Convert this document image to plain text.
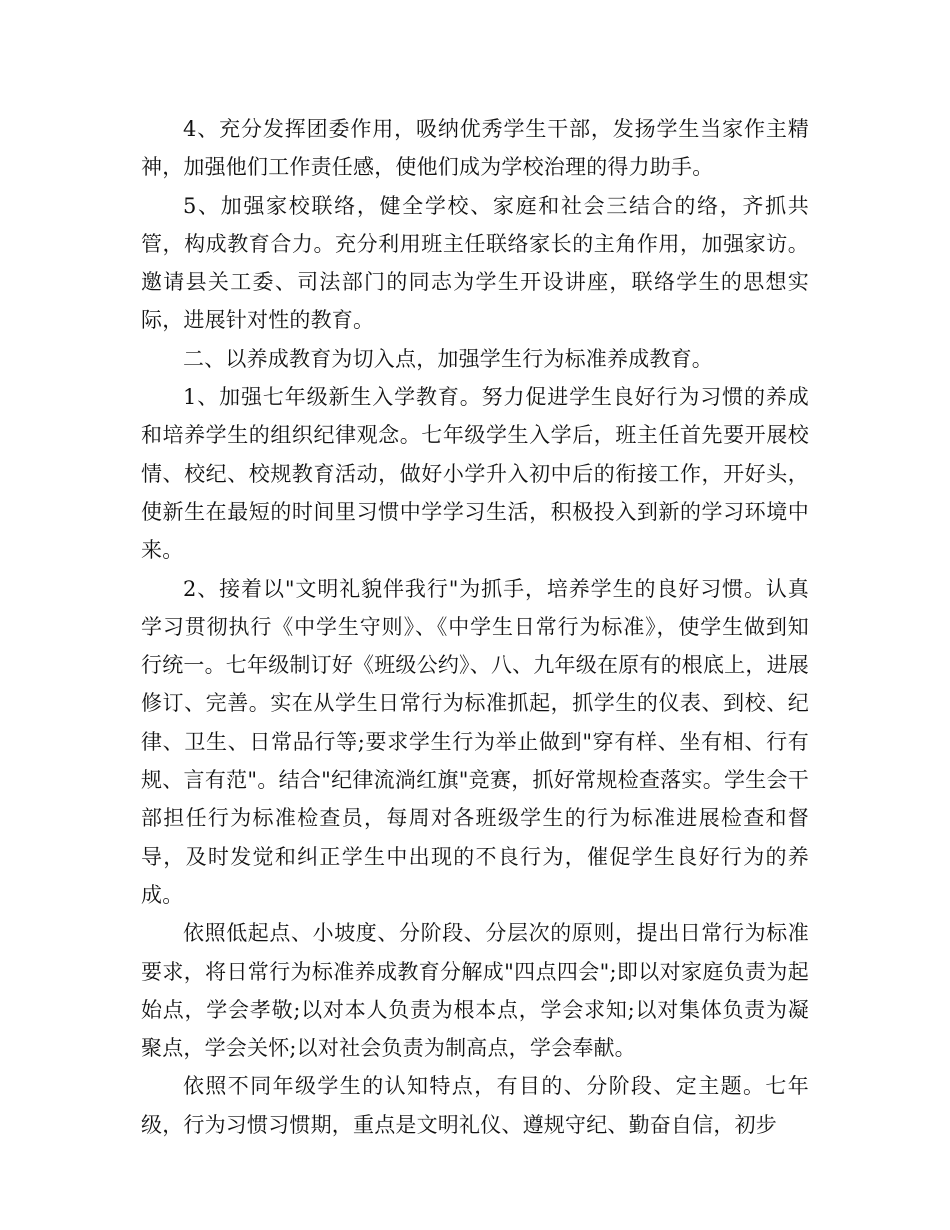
4、充分发挥团委作用，吸纳优秀学生干部，发扬学生当家作主精神，加强他们工作责任感，使他们成为学校治理的得力助手。

5、加强家校联络，健全学校、家庭和社会三结合的络，齐抓共管，构成教育合力。充分利用班主任联络家长的主角作用，加强家访。邀请县关工委、司法部门的同志为学生开设讲座，联络学生的思想实际，进展针对性的教育。

二、以养成教育为切入点，加强学生行为标准养成教育。

1、加强七年级新生入学教育。努力促进学生良好行为习惯的养成和培养学生的组织纪律观念。七年级学生入学后，班主任首先要开展校情、校纪、校规教育活动，做好小学升入初中后的衔接工作，开好头，使新生在最短的时间里习惯中学学习生活，积极投入到新的学习环境中来。

2、接着以"文明礼貌伴我行"为抓手，培养学生的良好习惯。认真学习贯彻执行《中学生守则》、《中学生日常行为标准》，使学生做到知行统一。七年级制订好《班级公约》、八、九年级在原有的根底上，进展修订、完善。实在从学生日常行为标准抓起，抓学生的仪表、到校、纪律、卫生、日常品行等;要求学生行为举止做到"穿有样、坐有相、行有规、言有范"。结合"纪律流淌红旗"竞赛，抓好常规检查落实。学生会干部担任行为标准检查员，每周对各班级学生的行为标准进展检查和督导，及时发觉和纠正学生中出现的不良行为，催促学生良好行为的养成。

依照低起点、小坡度、分阶段、分层次的原则，提出日常行为标准要求，将日常行为标准养成教育分解成"四点四会";即以对家庭负责为起始点，学会孝敬;以对本人负责为根本点，学会求知;以对集体负责为凝聚点，学会关怀;以对社会负责为制高点，学会奉献。

依照不同年级学生的认知特点，有目的、分阶段、定主题。七年级，行为习惯习惯期，重点是文明礼仪、遵规守纪、勤奋自信，初步
